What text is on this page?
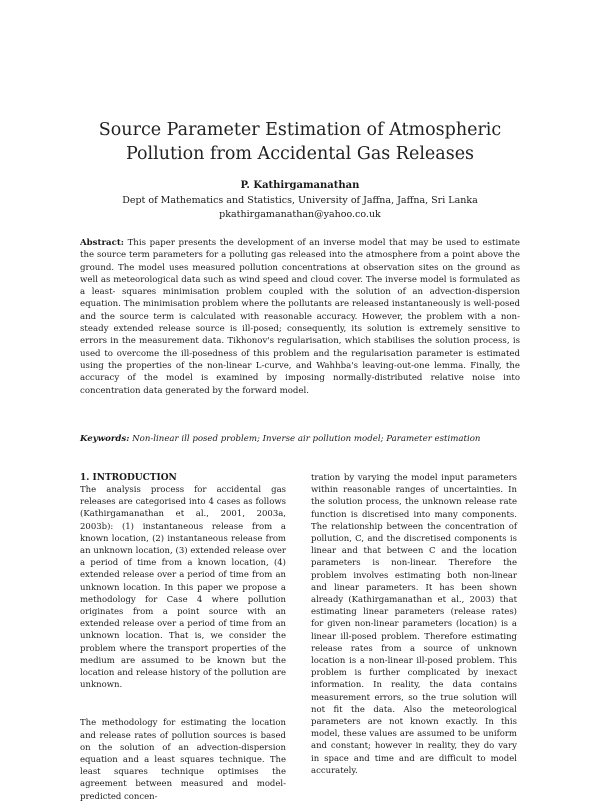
Source Parameter Estimation of Atmospheric
Pollution from Accidental Gas Releases
P. Kathirgamanathan
Dept of Mathematics and Statistics, University of Jaffna, Jaffna, Sri Lanka
pkathirgamanathan@yahoo.co.uk

Abstract: This paper presents the development of an inverse model that may be used to estimate the source term parameters for a polluting gas released into the atmosphere from a point above the ground. The model uses measured pollution concentrations at observation sites on the ground as well as meteorological data such as wind speed and cloud cover. The inverse model is formulated as a least- squares minimisation problem coupled with the solution of an advection-dispersion equation. The minimisation problem where the pollutants are released instantaneously is well-posed and the source term is calculated with reasonable accuracy. However, the problem with a non-steady extended release source is ill-posed; consequently, its solution is extremely sensitive to errors in the measurement data. Tikhonov's regularisation, which stabilises the solution process, is used to overcome the ill-posedness of this problem and the regularisation parameter is estimated using the properties of the non-linear L-curve, and Wahhba's leaving-out-one lemma. Finally, the accuracy of the model is examined by imposing normally-distributed relative noise into concentration data generated by the forward model.

Keywords: Non-linear ill posed problem; Inverse air pollution model; Parameter estimation

1. INTRODUCTION

The analysis process for accidental gas releases are categorised into 4 cases as follows (Kathirgamanathan et al., 2001, 2003a, 2003b): (1) instantaneous release from a known location, (2) instantaneous release from an unknown location, (3) extended release over a period of time from a known location, (4) extended release over a period of time from an unknown location. In this paper we propose a methodology for Case 4 where pollution originates from a point source with an extended release over a period of time from an unknown location. That is, we consider the problem where the transport properties of the medium are assumed to be known but the location and release history of the pollution are unknown.

The methodology for estimating the location and release rates of pollution sources is based on the solution of an advection-dispersion equation and a least squares technique. The least squares technique optimises the agreement between measured and model-predicted concen-

tration by varying the model input parameters within reasonable ranges of uncertainties. In the solution process, the unknown release rate function is discretised into many components. The relationship between the concentration of pollution, C, and the discretised components is linear and that between C and the location parameters is non-linear. Therefore the problem involves estimating both non-linear and linear parameters. It has been shown already (Kathirgamanathan et al., 2003) that estimating linear parameters (release rates) for given non-linear parameters (location) is a linear ill-posed problem. Therefore estimating release rates from a source of unknown location is a non-linear ill-posed problem. This problem is further complicated by inexact information. In reality, the data contains measurement errors, so the true solution will not fit the data. Also the meteorological parameters are not known exactly. In this model, these values are assumed to be uniform and constant; however in reality, they do vary in space and time and are difficult to model accurately.
